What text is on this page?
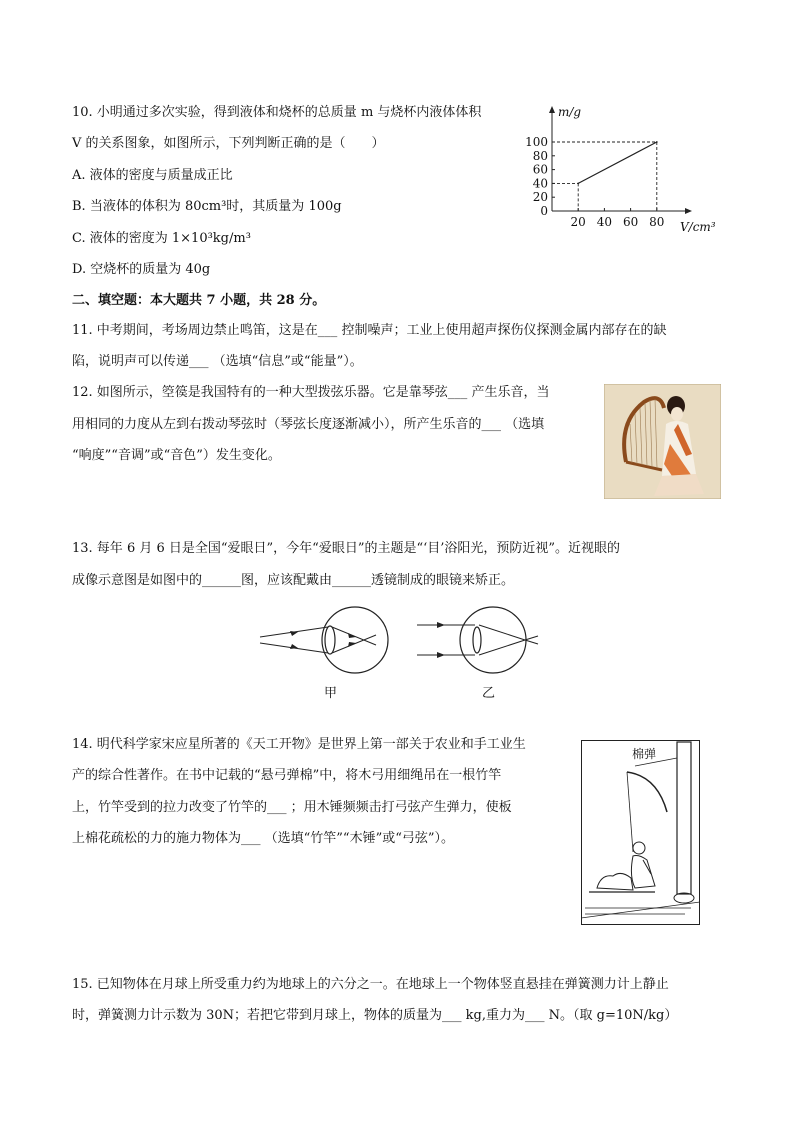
10. 小明通过多次实验，得到液体和烧杯的总质量 m 与烧杯内液体体积
V 的关系图象，如图所示，下列判断正确的是（　　）
A. 液体的密度与质量成正比
B. 当液体的体积为 80cm³时，其质量为 100g
C. 液体的密度为 1×10³kg/m³
D. 空烧杯的质量为 40g
0
20
40
60
80
100
20 40 60 80
m/g
V/cm³
二、填空题：本大题共 7 小题，共 28 分。
11. 中考期间，考场周边禁止鸣笛，这是在___ 控制噪声；工业上使用超声探伤仪探测金属内部存在的缺
陷，说明声可以传递___ （选填“信息”或“能量”）。
12. 如图所示，箜篌是我国特有的一种大型拨弦乐器。它是靠琴弦___ 产生乐音，当
用相同的力度从左到右拨动琴弦时（琴弦长度逐渐减小），所产生乐音的___ （选填
“响度”“音调”或“音色”）发生变化。
13. 每年 6 月 6 日是全国“爱眼日”，今年“爱眼日”的主题是“‘目’浴阳光，预防近视”。近视眼的
成像示意图是如图中的______图，应该配戴由______透镜制成的眼镜来矫正。
甲	乙
14. 明代科学家宋应星所著的《天工开物》是世界上第一部关于农业和手工业生
产的综合性著作。在书中记载的“悬弓弹棉”中，将木弓用细绳吊在一根竹竿
上，竹竿受到的拉力改变了竹竿的___ ；用木锤频频击打弓弦产生弹力，使板
上棉花疏松的力的施力物体为___ （选填“竹竿”“木锤”或“弓弦”）。
棉弹
15. 已知物体在月球上所受重力约为地球上的六分之一。在地球上一个物体竖直悬挂在弹簧测力计上静止
时，弹簧测力计示数为 30N；若把它带到月球上，物体的质量为___ kg,重力为___ N。（取 g=10N/kg）
